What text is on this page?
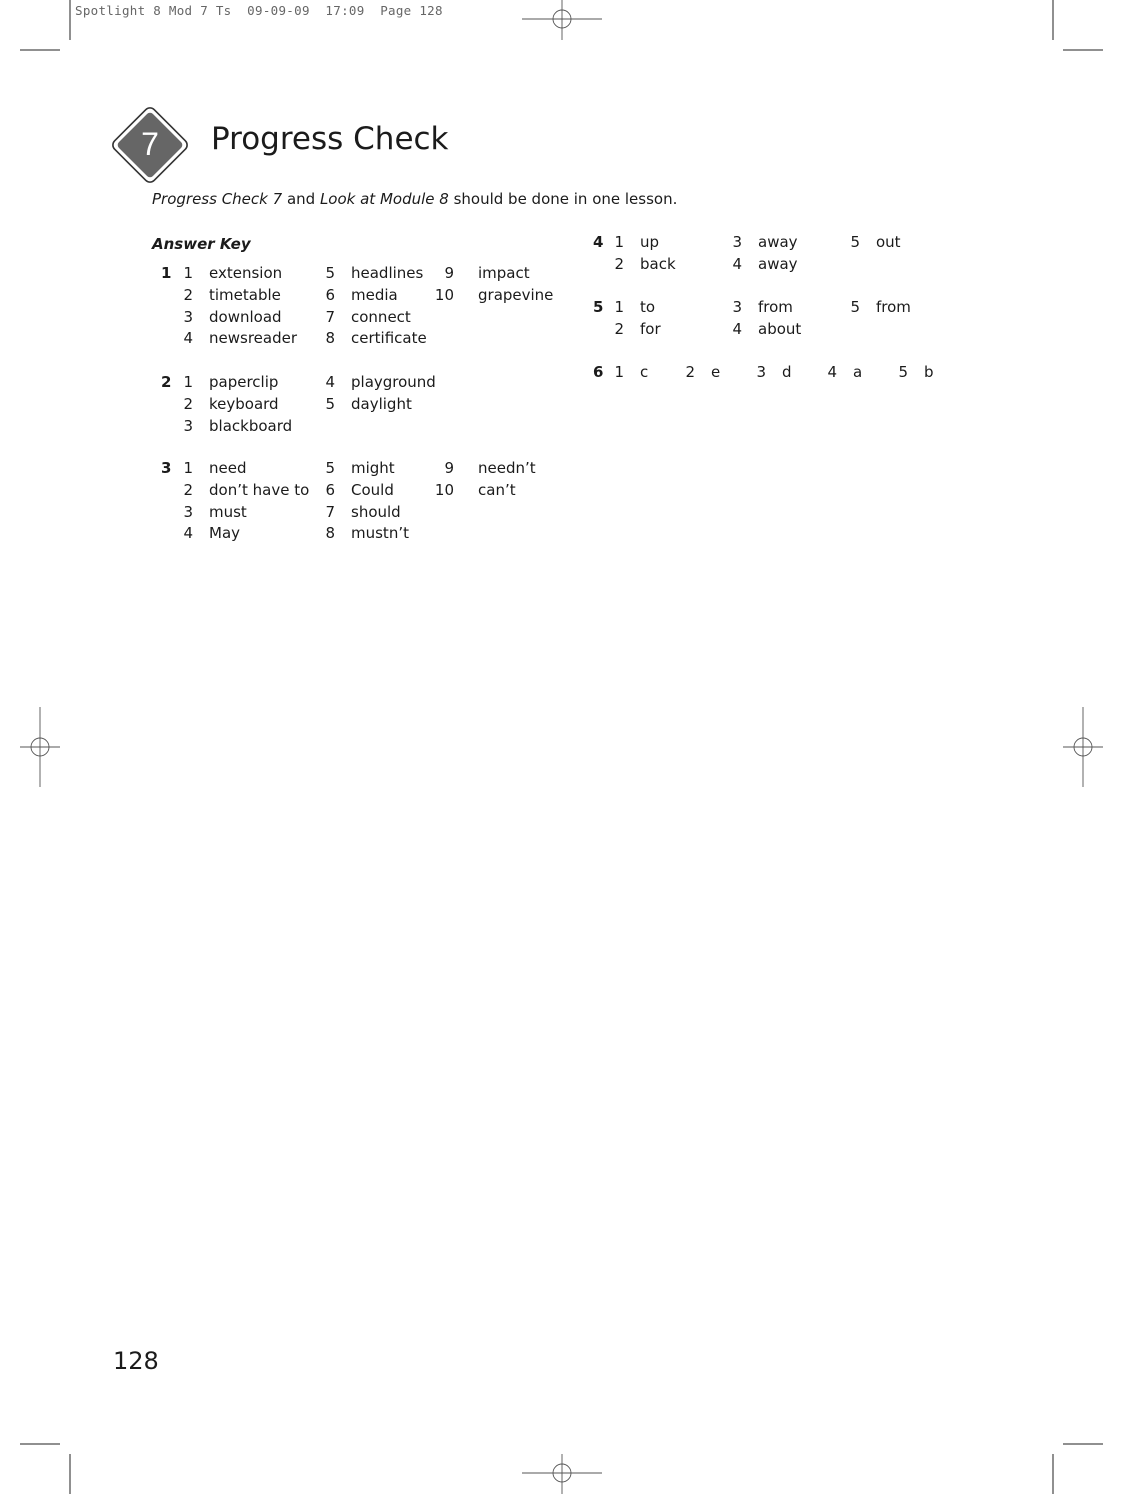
Spotlight 8 Mod 7 Ts  09-09-09  17:09  Page 128
7 Progress Check
Progress Check 7 and Look at Module 8 should be done in one lesson.
Answer Key
1 1 extension
2 timetable
3 download
4 newsreader
5 headlines
6 media
7 connect
8 certificate
9 impact
10 grapevine
2 1 paperclip
2 keyboard
3 blackboard
4 playground
5 daylight
3 1 need
2 don’t have to
3 must
4 May
5 might
6 Could
7 should
8 mustn’t
9 needn’t
10 can’t
4 1 up
2 back
3 away
4 away
5 out
5 1 to
2 for
3 from
4 about
5 from
6 1 c 2 e 3 d 4 a 5 b
128
